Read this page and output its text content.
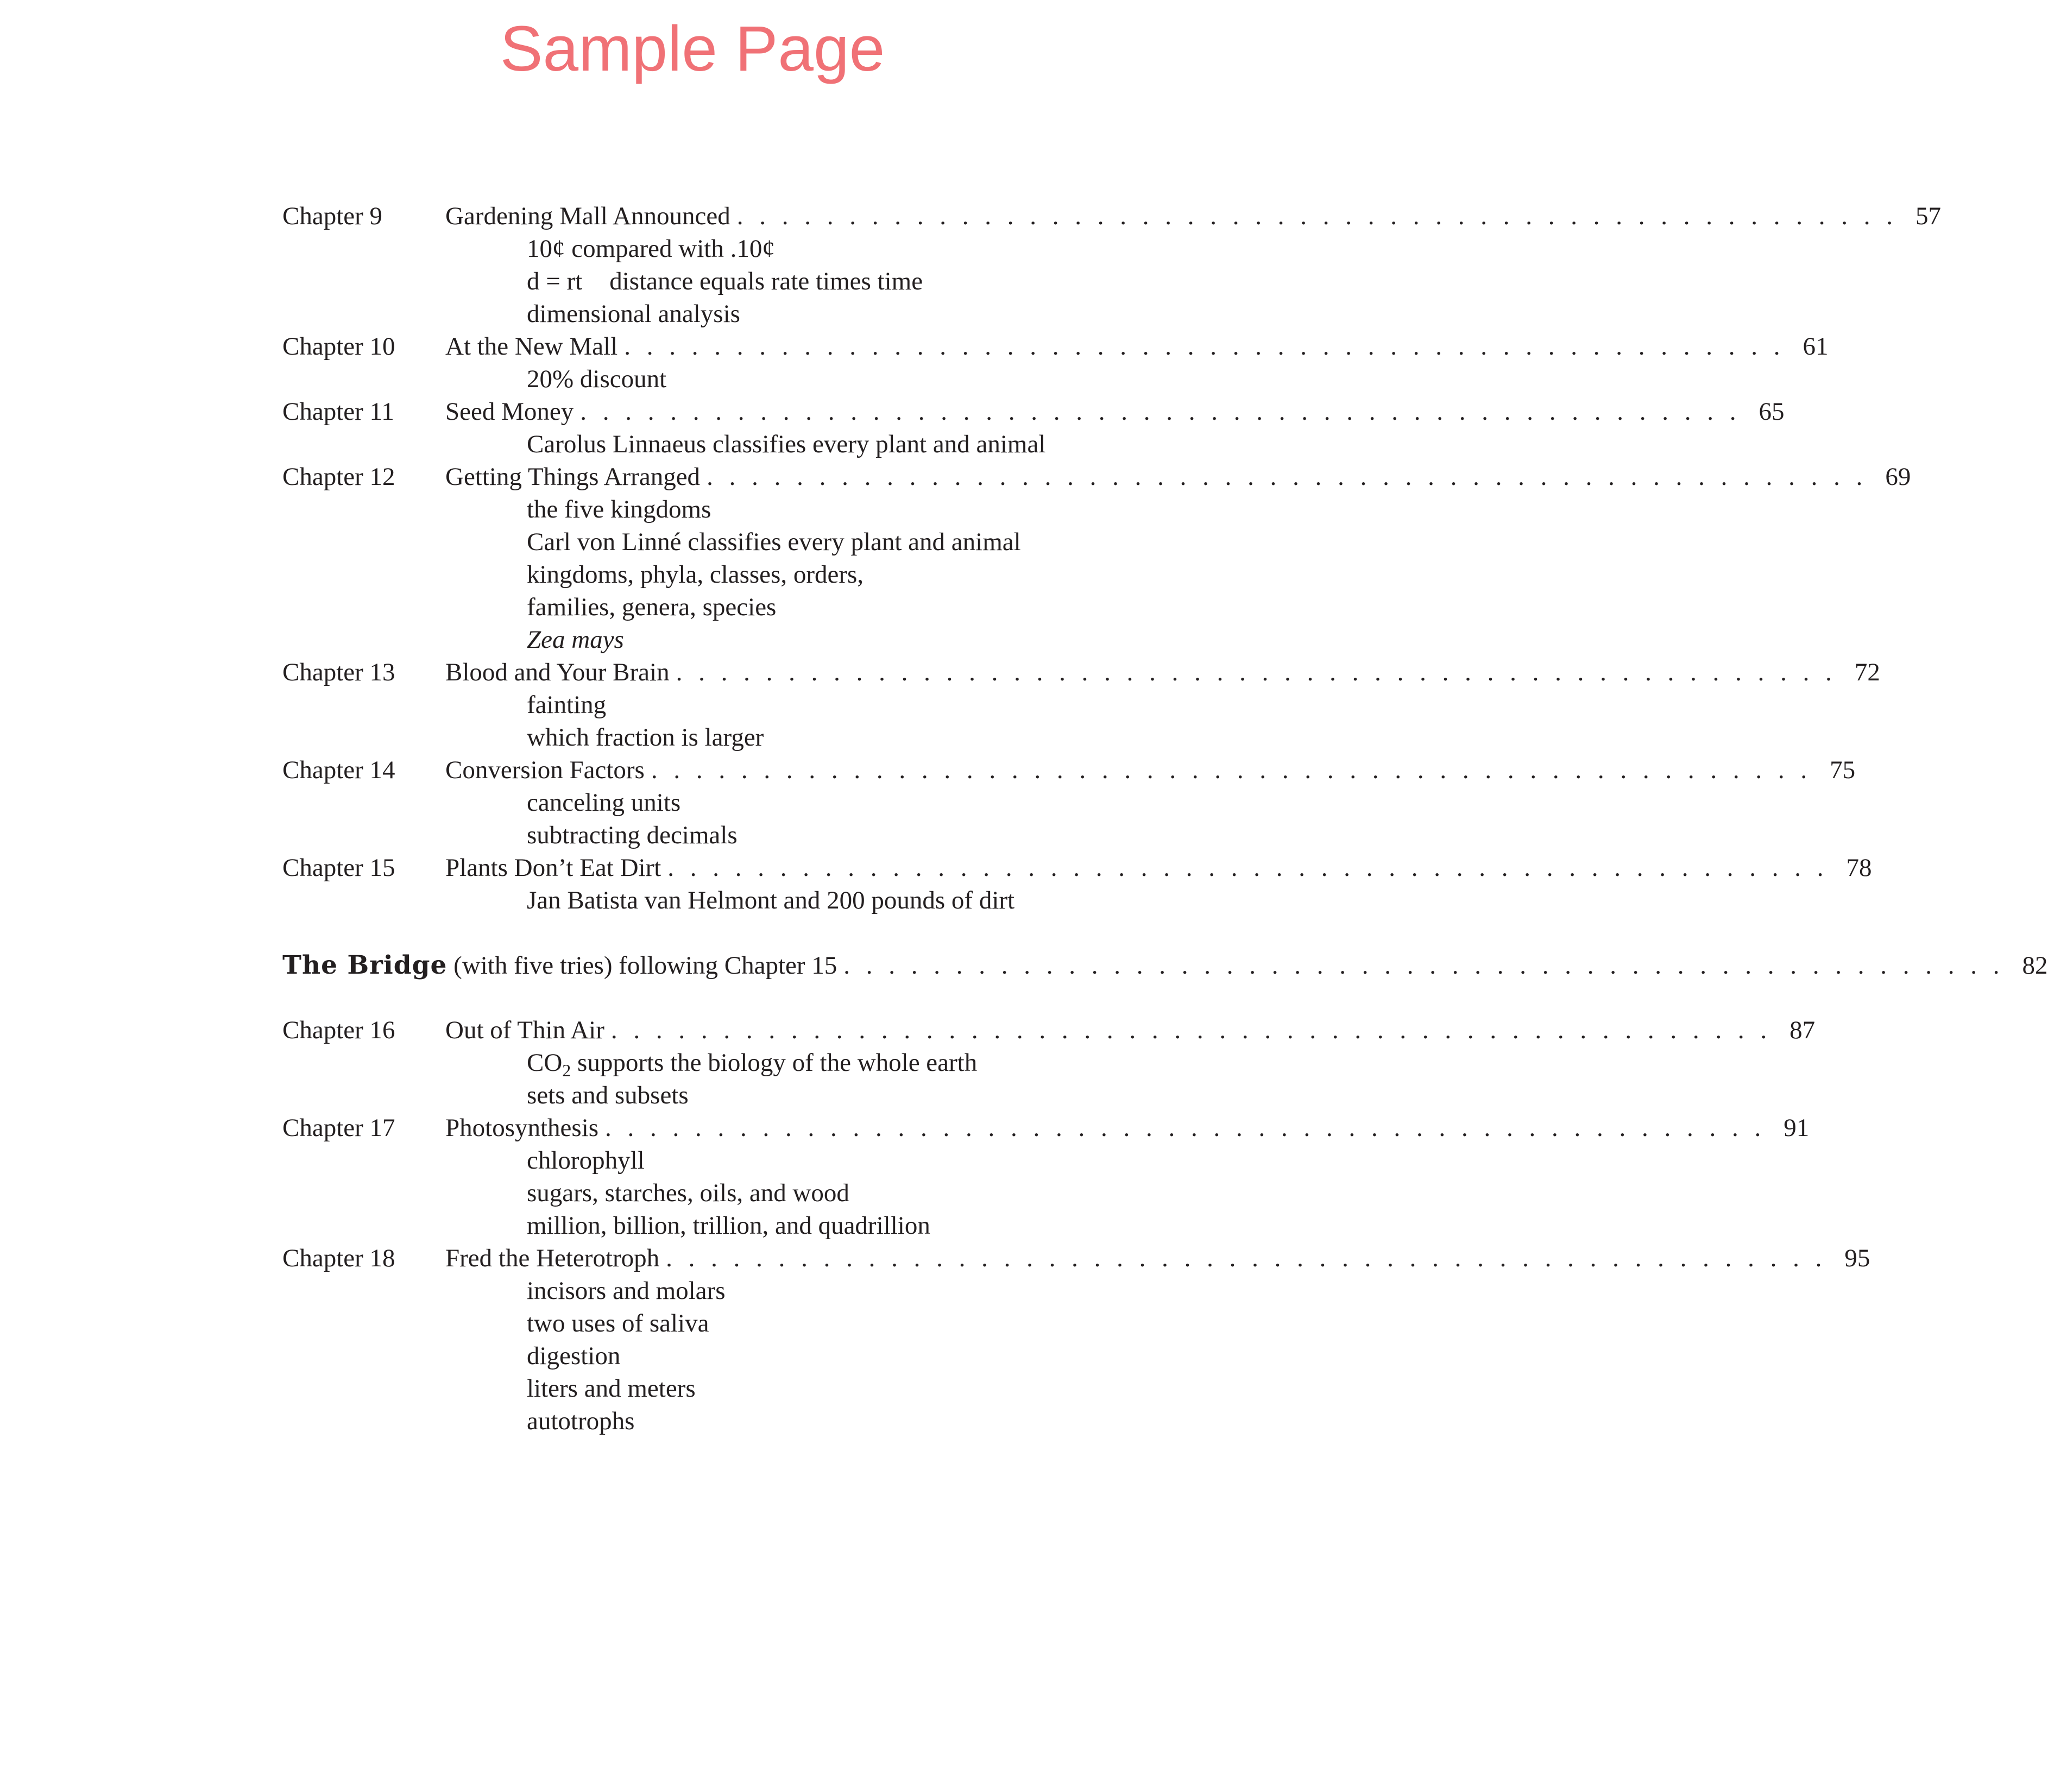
Sample Page
Chapter 9	Gardening Mall Announced . . . . . . . . . . . . . . . . . . . . . . . . . . . . . . . . . . . . . . . . . . . . . . . . . . . . 57
10¢ compared with .10¢
d = rt distance equals rate times time
dimensional analysis
Chapter 10	At the New Mall . . . . . . . . . . . . . . . . . . . . . . . . . . . . . . . . . . . . . . . . . . . . . . . . . . . . 61
20% discount
Chapter 11	Seed Money . . . . . . . . . . . . . . . . . . . . . . . . . . . . . . . . . . . . . . . . . . . . . . . . . . . . 65
Carolus Linnaeus classifies every plant and animal
Chapter 12	Getting Things Arranged . . . . . . . . . . . . . . . . . . . . . . . . . . . . . . . . . . . . . . . . . . . . . . . . . . . . 69
the five kingdoms
Carl von Linné classifies every plant and animal
kingdoms, phyla, classes, orders,
families, genera, species
Zea mays
Chapter 13	Blood and Your Brain . . . . . . . . . . . . . . . . . . . . . . . . . . . . . . . . . . . . . . . . . . . . . . . . . . . . 72
fainting
which fraction is larger
Chapter 14	Conversion Factors . . . . . . . . . . . . . . . . . . . . . . . . . . . . . . . . . . . . . . . . . . . . . . . . . . . . 75
canceling units
subtracting decimals
Chapter 15	Plants Don’t Eat Dirt . . . . . . . . . . . . . . . . . . . . . . . . . . . . . . . . . . . . . . . . . . . . . . . . . . . . 78
Jan Batista van Helmont and 200 pounds of dirt
The Bridge (with five tries) following Chapter 15 . . . . . . . . . . . . . . . . . . . . . . . . . . . . . . . . . . . . . . . . . . . . . . . . . . . . 82
Chapter 16	Out of Thin Air . . . . . . . . . . . . . . . . . . . . . . . . . . . . . . . . . . . . . . . . . . . . . . . . . . . . 87
$CO_2$ supports the biology of the whole earth
sets and subsets
Chapter 17	Photosynthesis . . . . . . . . . . . . . . . . . . . . . . . . . . . . . . . . . . . . . . . . . . . . . . . . . . . . 91
chlorophyll
sugars, starches, oils, and wood
million, billion, trillion, and quadrillion
Chapter 18	Fred the Heterotroph . . . . . . . . . . . . . . . . . . . . . . . . . . . . . . . . . . . . . . . . . . . . . . . . . . . . 95
incisors and molars
two uses of saliva
digestion
liters and meters
autotrophs
